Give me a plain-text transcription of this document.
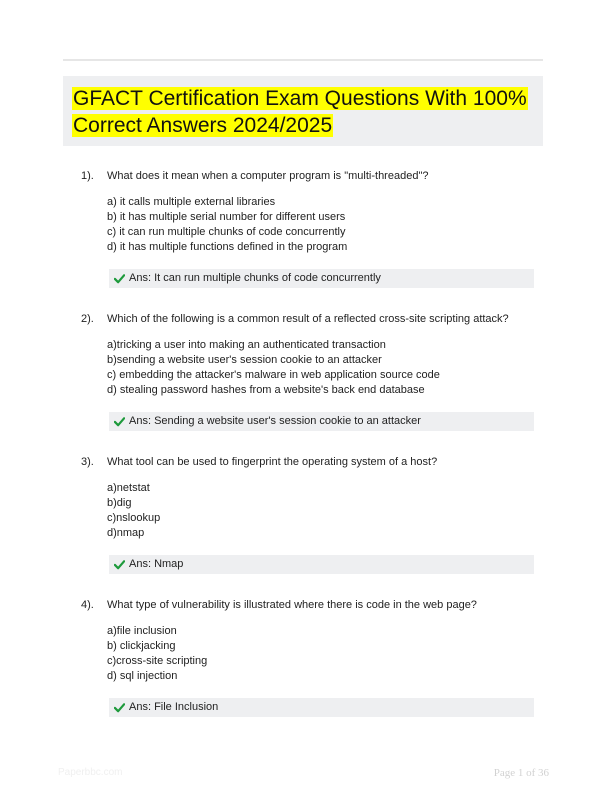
GFACT Certification Exam Questions With 100% Correct Answers 2024/2025
1). What does it mean when a computer program is "multi-threaded"?
a) it calls multiple external libraries
b) it has multiple serial number for different users
c) it can run multiple chunks of code concurrently
d) it has multiple functions defined in the program
Ans: It can run multiple chunks of code concurrently
2). Which of the following is a common result of a reflected cross-site scripting attack?
a)tricking a user into making an authenticated transaction
b)sending a website user's session cookie to an attacker
c) embedding the attacker's malware in web application source code
d) stealing password hashes from a website's back end database
Ans: Sending a website user's session cookie to an attacker
3). What tool can be used to fingerprint the operating system of a host?
a)netstat
b)dig
c)nslookup
d)nmap
Ans: Nmap
4). What type of vulnerability is illustrated where there is code in the web page?
a)file inclusion
b) clickjacking
c)cross-site scripting
d) sql injection
Ans: File Inclusion
Paperbbc.com	Page 1 of 36
